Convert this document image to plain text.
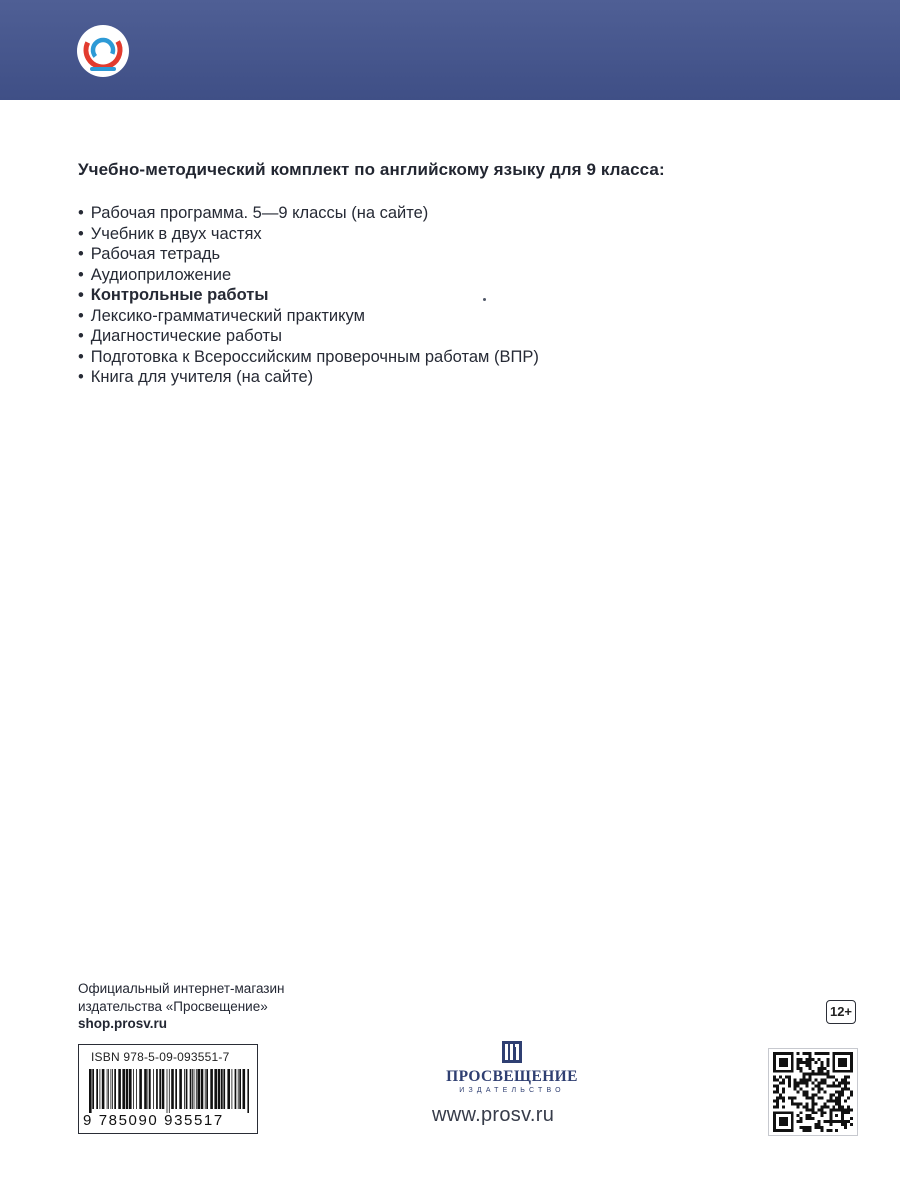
Учебно-методический комплект по английскому языку для 9 класса:
• Рабочая программа. 5—9 классы (на сайте)
• Учебник в двух частях
• Рабочая тетрадь
• Аудиоприложение
• Контрольные работы
• Лексико-грамматический практикум
• Диагностические работы
• Подготовка к Всероссийским проверочным работам (ВПР)
• Книга для учителя (на сайте)
Официальный интернет-магазин
издательства «Просвещение»
shop.prosv.ru
ISBN 978-5-09-093551-7
9 785090 935517
ПРОСВЕЩЕНИЕ
ИЗДАТЕЛЬСТВО
www.prosv.ru
12+
